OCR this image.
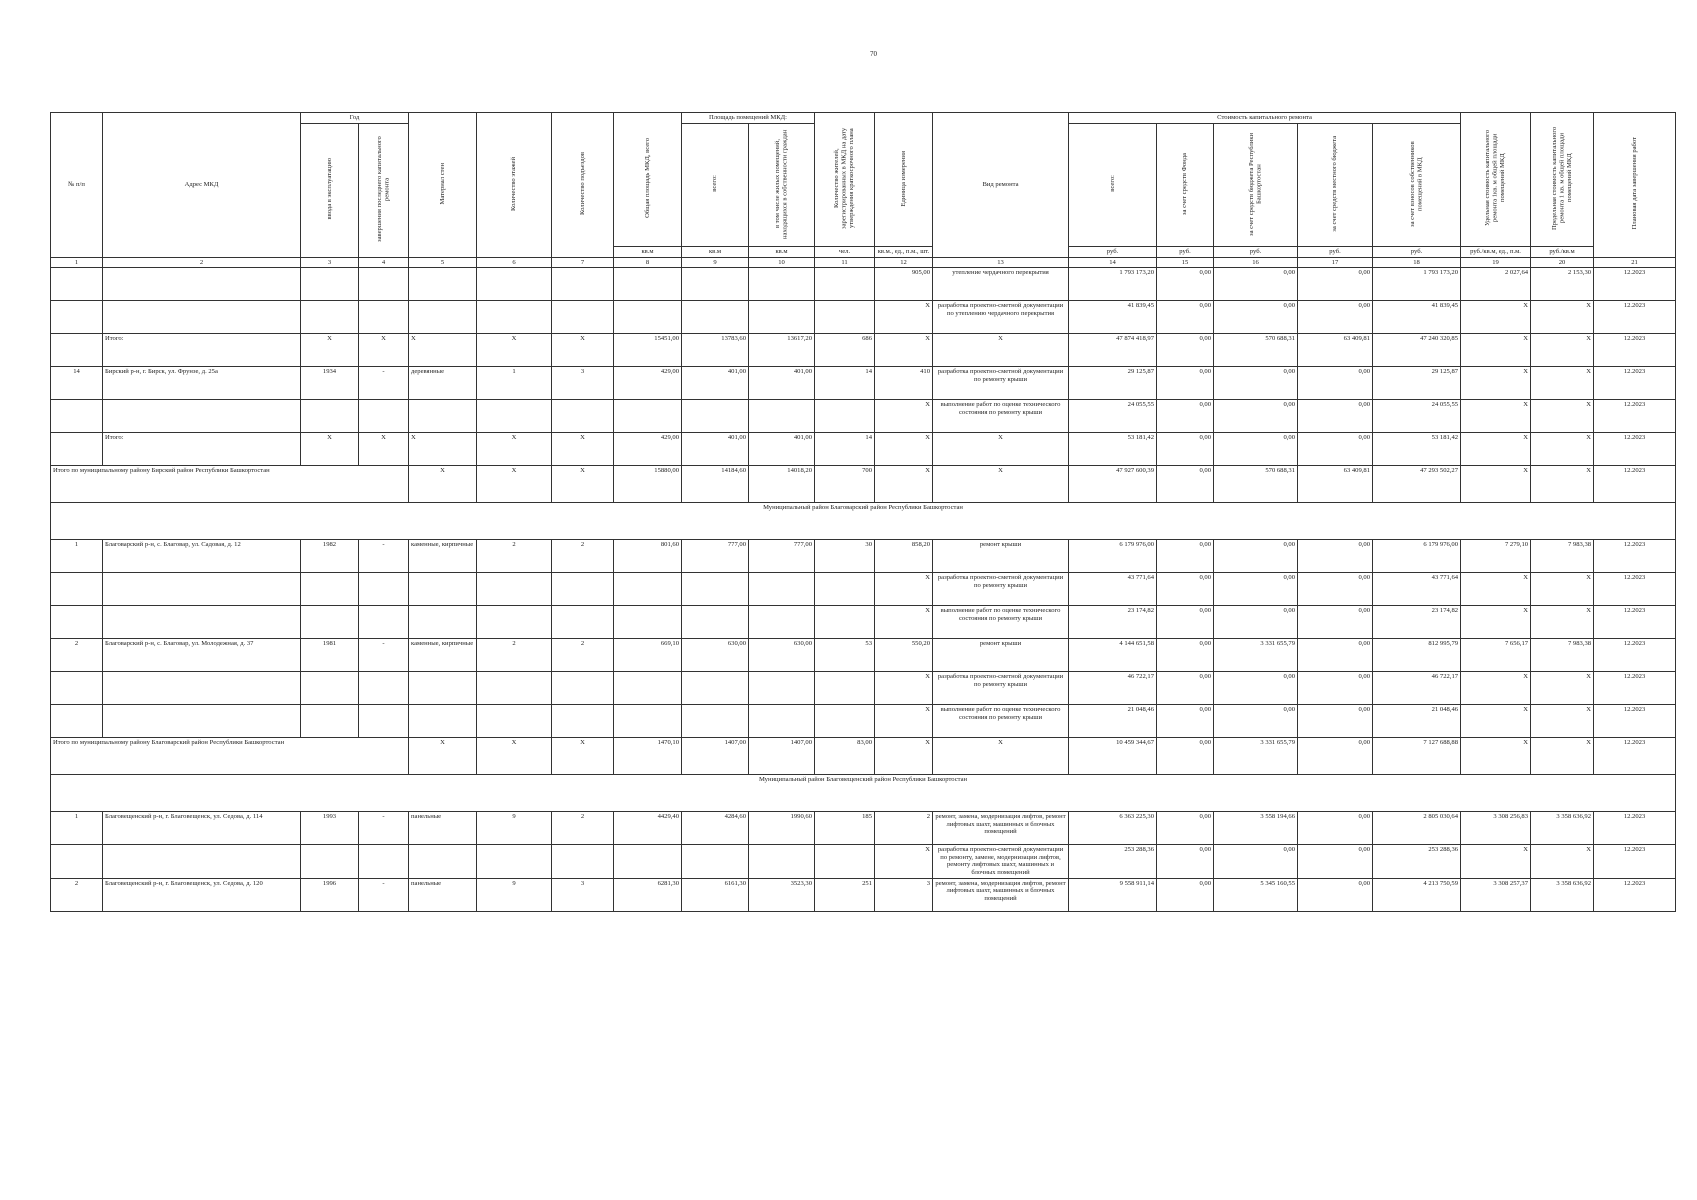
70
№ п/п	Адрес МКД	Год		Материал стен	Количество этажей	Количество подъездов	Общая площадь МКД, всего	Площадь помещений МКД:		Количество жителей, зарегистрированных в МКД на дату утверждения краткосрочного плана	Единица измерения	Вид ремонта	Стоимость капитального ремонта					Удельная стоимость капитального ремонта 1кв. м общей площади помещений МКД	Предельная стоимость капитального ремонта 1 кв. м общей площади помещений МКД	Плановая дата завершения работ
		ввода в эксплуатацию	завершения последнего капитального ремонта					всего:	в том числе жилых помещений, находящихся в собственности граждан				всего:	за счет средств Фонда	за счет средств бюджета Республики Башкортостан	за счет средств местного бюджета	за счет взносов собственников помещений в МКД			
							кв.м	кв.м	кв.м	чел.	кв.м., ед., п.м., шт.		руб.	руб.	руб.	руб.	руб.	руб./кв.м, ед., п.м.	руб./кв.м	
1	2	3	4	5	6	7	8	9	10	11	12	13	14	15	16	17	18	19	20	21
											905,00	утепление чердачного перекрытия	1 793 173,20	0,00	0,00	0,00	1 793 173,20	2 027,64	2 153,30	12.2023
											X	разработка проектно-сметной документации по утеплению чердачного перекрытия	41 839,45	0,00	0,00	0,00	41 839,45	X	X	12.2023
	Итого:	X	X	X	X	X	15451,00	13783,60	13617,20	686	X	X	47 874 418,97	0,00	570 688,31	63 409,81	47 240 320,85	X	X	12.2023
14	Бирский р-н, г. Бирск, ул. Фрунзе, д. 25а	1934	-	деревянные	1	3	429,00	401,00	401,00	14	410	разработка проектно-сметной документации по ремонту крыши	29 125,87	0,00	0,00	0,00	29 125,87	X	X	12.2023
											X	выполнение работ по оценке технического состояния по ремонту крыши	24 055,55	0,00	0,00	0,00	24 055,55	X	X	12.2023
	Итого:	X	X	X	X	X	429,00	401,00	401,00	14	X	X	53 181,42	0,00	0,00	0,00	53 181,42	X	X	12.2023
Итого по муниципальному району Бирский район Республики Башкортостан				X	X	X	15880,00	14184,60	14018,20	700	X	X	47 927 600,39	0,00	570 688,31	63 409,81	47 293 502,27	X	X	12.2023
Муниципальный район Благоварский район Республики Башкортостан																				
1	Благоварский р-н, с. Благовар, ул. Садовая, д. 12	1982	-	каменные, кирпичные	2	2	801,60	777,00	777,00	30	858,20	ремонт крыши	6 179 976,00	0,00	0,00	0,00	6 179 976,00	7 279,10	7 983,38	12.2023
											X	разработка проектно-сметной документации по ремонту крыши	43 771,64	0,00	0,00	0,00	43 771,64	X	X	12.2023
											X	выполнение работ по оценке технического состояния по ремонту крыши	23 174,82	0,00	0,00	0,00	23 174,82	X	X	12.2023
2	Благоварский р-н, с. Благовар, ул. Молодежная, д. 37	1981	-	каменные, кирпичные	2	2	669,10	630,00	630,00	53	550,20	ремонт крыши	4 144 651,58	0,00	3 331 655,79	0,00	812 995,79	7 656,17	7 983,38	12.2023
											X	разработка проектно-сметной документации по ремонту крыши	46 722,17	0,00	0,00	0,00	46 722,17	X	X	12.2023
											X	выполнение работ по оценке технического состояния по ремонту крыши	21 048,46	0,00	0,00	0,00	21 048,46	X	X	12.2023
Итого по муниципальному району Благоварский район Республики Башкортостан				X	X	X	1470,10	1407,00	1407,00	83,00	X	X	10 459 344,67	0,00	3 331 655,79	0,00	7 127 688,88	X	X	12.2023
Муниципальный район Благовещенский район Республики Башкортостан																				
1	Благовещенский р-н, г. Благовещенск, ул. Седова, д. 114	1993	-	панельные	9	2	4429,40	4284,60	1990,60	185	2	ремонт, замена, модернизация лифтов, ремонт лифтовых шахт, машинных и блочных помещений	6 363 225,30	0,00	3 558 194,66	0,00	2 805 030,64	3 308 256,83	3 358 636,92	12.2023
											X	разработка проектно-сметной документации по ремонту, замене, модернизации лифтов, ремонту лифтовых шахт, машинных и блочных помещений	253 288,36	0,00	0,00	0,00	253 288,36	X	X	12.2023
2	Благовещенский р-н, г. Благовещенск, ул. Седова, д. 120	1996	-	панельные	9	3	6281,30	6161,30	3523,30	251	3	ремонт, замена, модернизация лифтов, ремонт лифтовых шахт, машинных и блочных помещений	9 558 911,14	0,00	5 345 160,55	0,00	4 213 750,59	3 308 257,37	3 358 636,92	12.2023
